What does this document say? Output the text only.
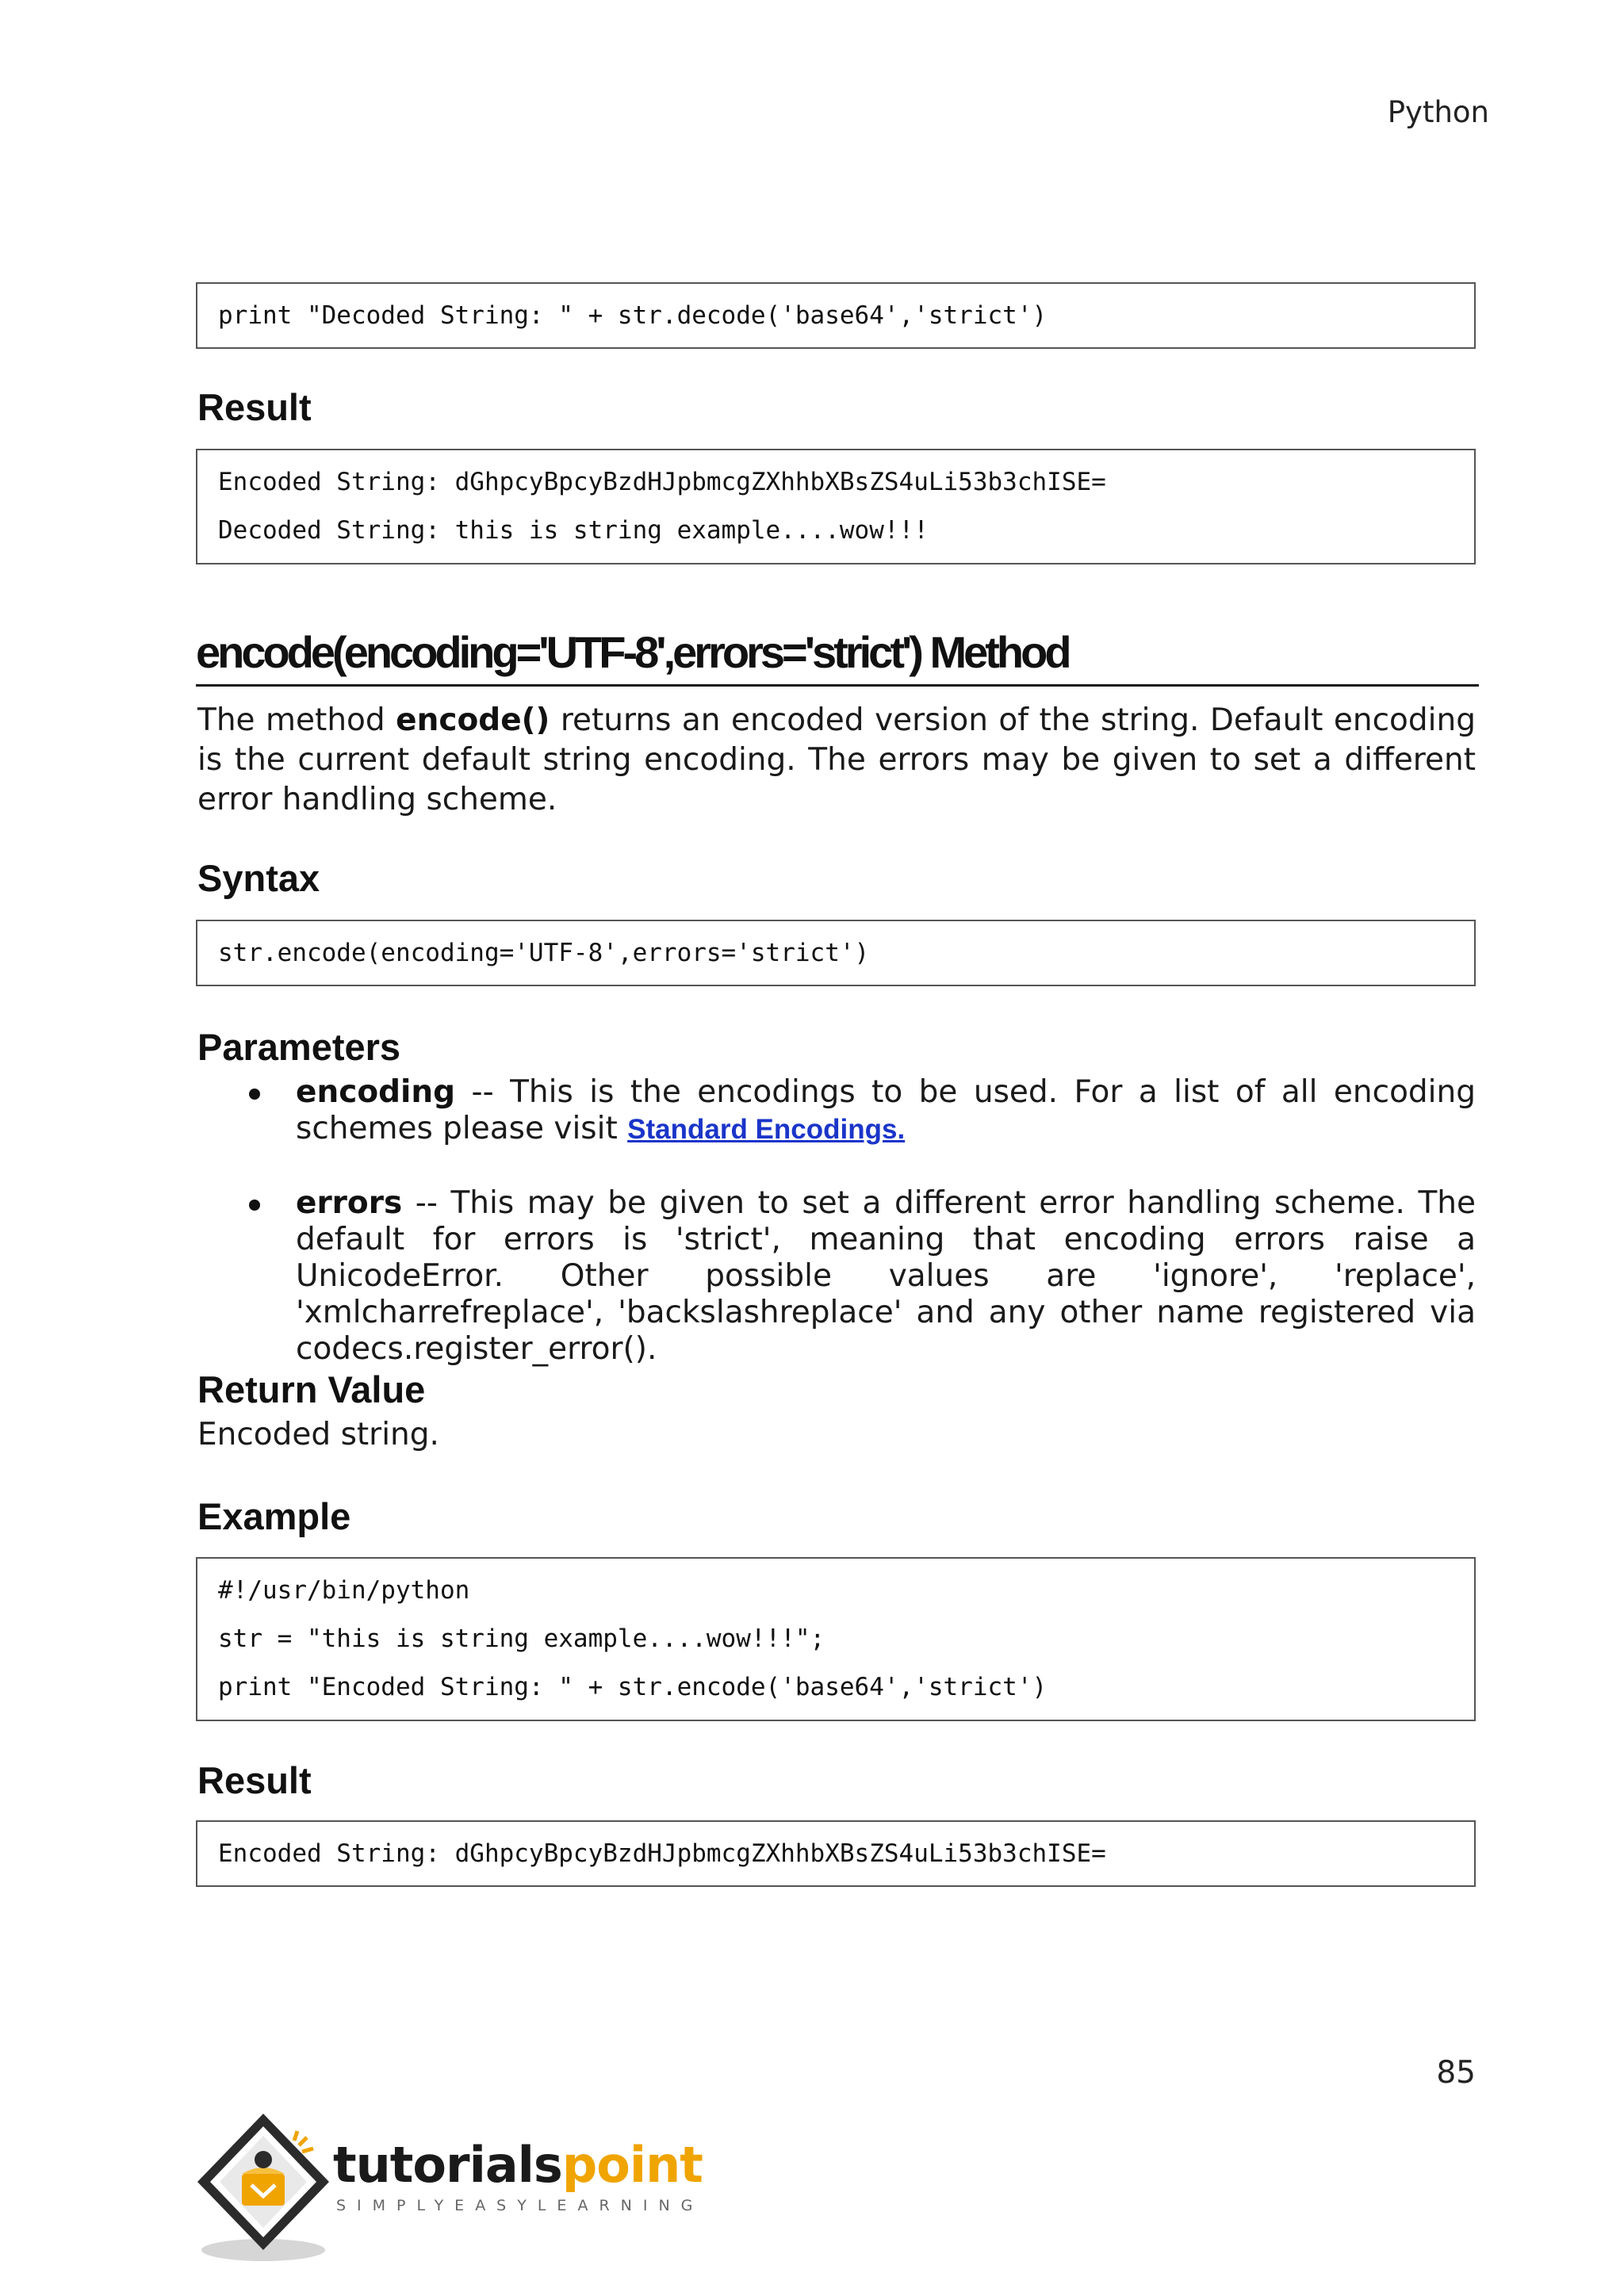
Python
print "Decoded String: " + str.decode('base64','strict')
Result
Encoded String: dGhpcyBpcyBzdHJpbmcgZXhhbXBsZS4uLi53b3chISE=
Decoded String: this is string example....wow!!!
encode(encoding='UTF-8',errors='strict') Method
The method encode() returns an encoded version of the string. Default encoding is the current default string encoding. The errors may be given to set a different error handling scheme.
Syntax
str.encode(encoding='UTF-8',errors='strict')
Parameters
encoding -- This is the encodings to be used. For a list of all encoding schemes please visit Standard Encodings.
errors -- This may be given to set a different error handling scheme. The default for errors is 'strict', meaning that encoding errors raise a UnicodeError. Other possible values are 'ignore', 'replace', 'xmlcharrefreplace', 'backslashreplace' and any other name registered via codecs.register_error().
Return Value
Encoded string.
Example
#!/usr/bin/python
str = "this is string example....wow!!!";
print "Encoded String: " + str.encode('base64','strict')
Result
Encoded String: dGhpcyBpcyBzdHJpbmcgZXhhbXBsZS4uLi53b3chISE=
85
tutorialspoint
SIMPLYEASYLEARNING
